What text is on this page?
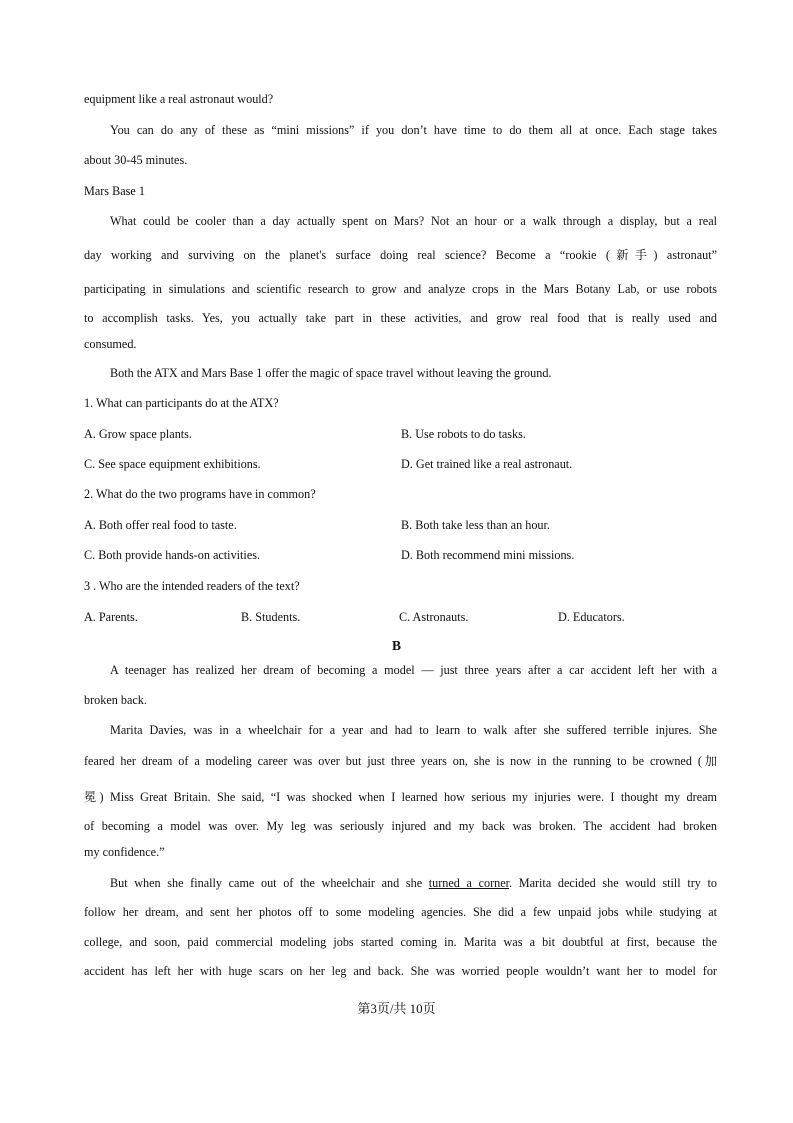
equipment like a real astronaut would?
You can do any of these as “mini missions” if you don’t have time to do them all at once. Each stage takes
about 30-45 minutes.
Mars Base 1
What could be cooler than a day actually spent on Mars? Not an hour or a walk through a display, but a real
day working and surviving on the planet's surface doing real science? Become a “rookie (新手) astronaut”
participating in simulations and scientific research to grow and analyze crops in the Mars Botany Lab, or use robots
to accomplish tasks. Yes, you actually take part in these activities, and grow real food that is really used and
consumed.
Both the ATX and Mars Base 1 offer the magic of space travel without leaving the ground.
1. What can participants do at the ATX?
A. Grow space plants.	B. Use robots to do tasks.
C. See space equipment exhibitions.	D. Get trained like a real astronaut.
2. What do the two programs have in common?
A. Both offer real food to taste.	B. Both take less than an hour.
C. Both provide hands-on activities.	D. Both recommend mini missions.
3 . Who are the intended readers of the text?
A. Parents.	B. Students.	C. Astronauts.	D. Educators.
B
A teenager has realized her dream of becoming a model — just three years after a car accident left her with a
broken back.
Marita Davies, was in a wheelchair for a year and had to learn to walk after she suffered terrible injures. She
feared her dream of a modeling career was over but just three years on, she is now in the running to be crowned (加
冕) Miss Great Britain. She said, “I was shocked when I learned how serious my injuries were. I thought my dream
of becoming a model was over. My leg was seriously injured and my back was broken. The accident had broken
my confidence.”
But when she finally came out of the wheelchair and she turned a corner. Marita decided she would still try to
follow her dream, and sent her photos off to some modeling agencies. She did a few unpaid jobs while studying at
college, and soon, paid commercial modeling jobs started coming in. Marita was a bit doubtful at first, because the
accident has left her with huge scars on her leg and back. She was worried people wouldn’t want her to model for
第3页/共 10页
